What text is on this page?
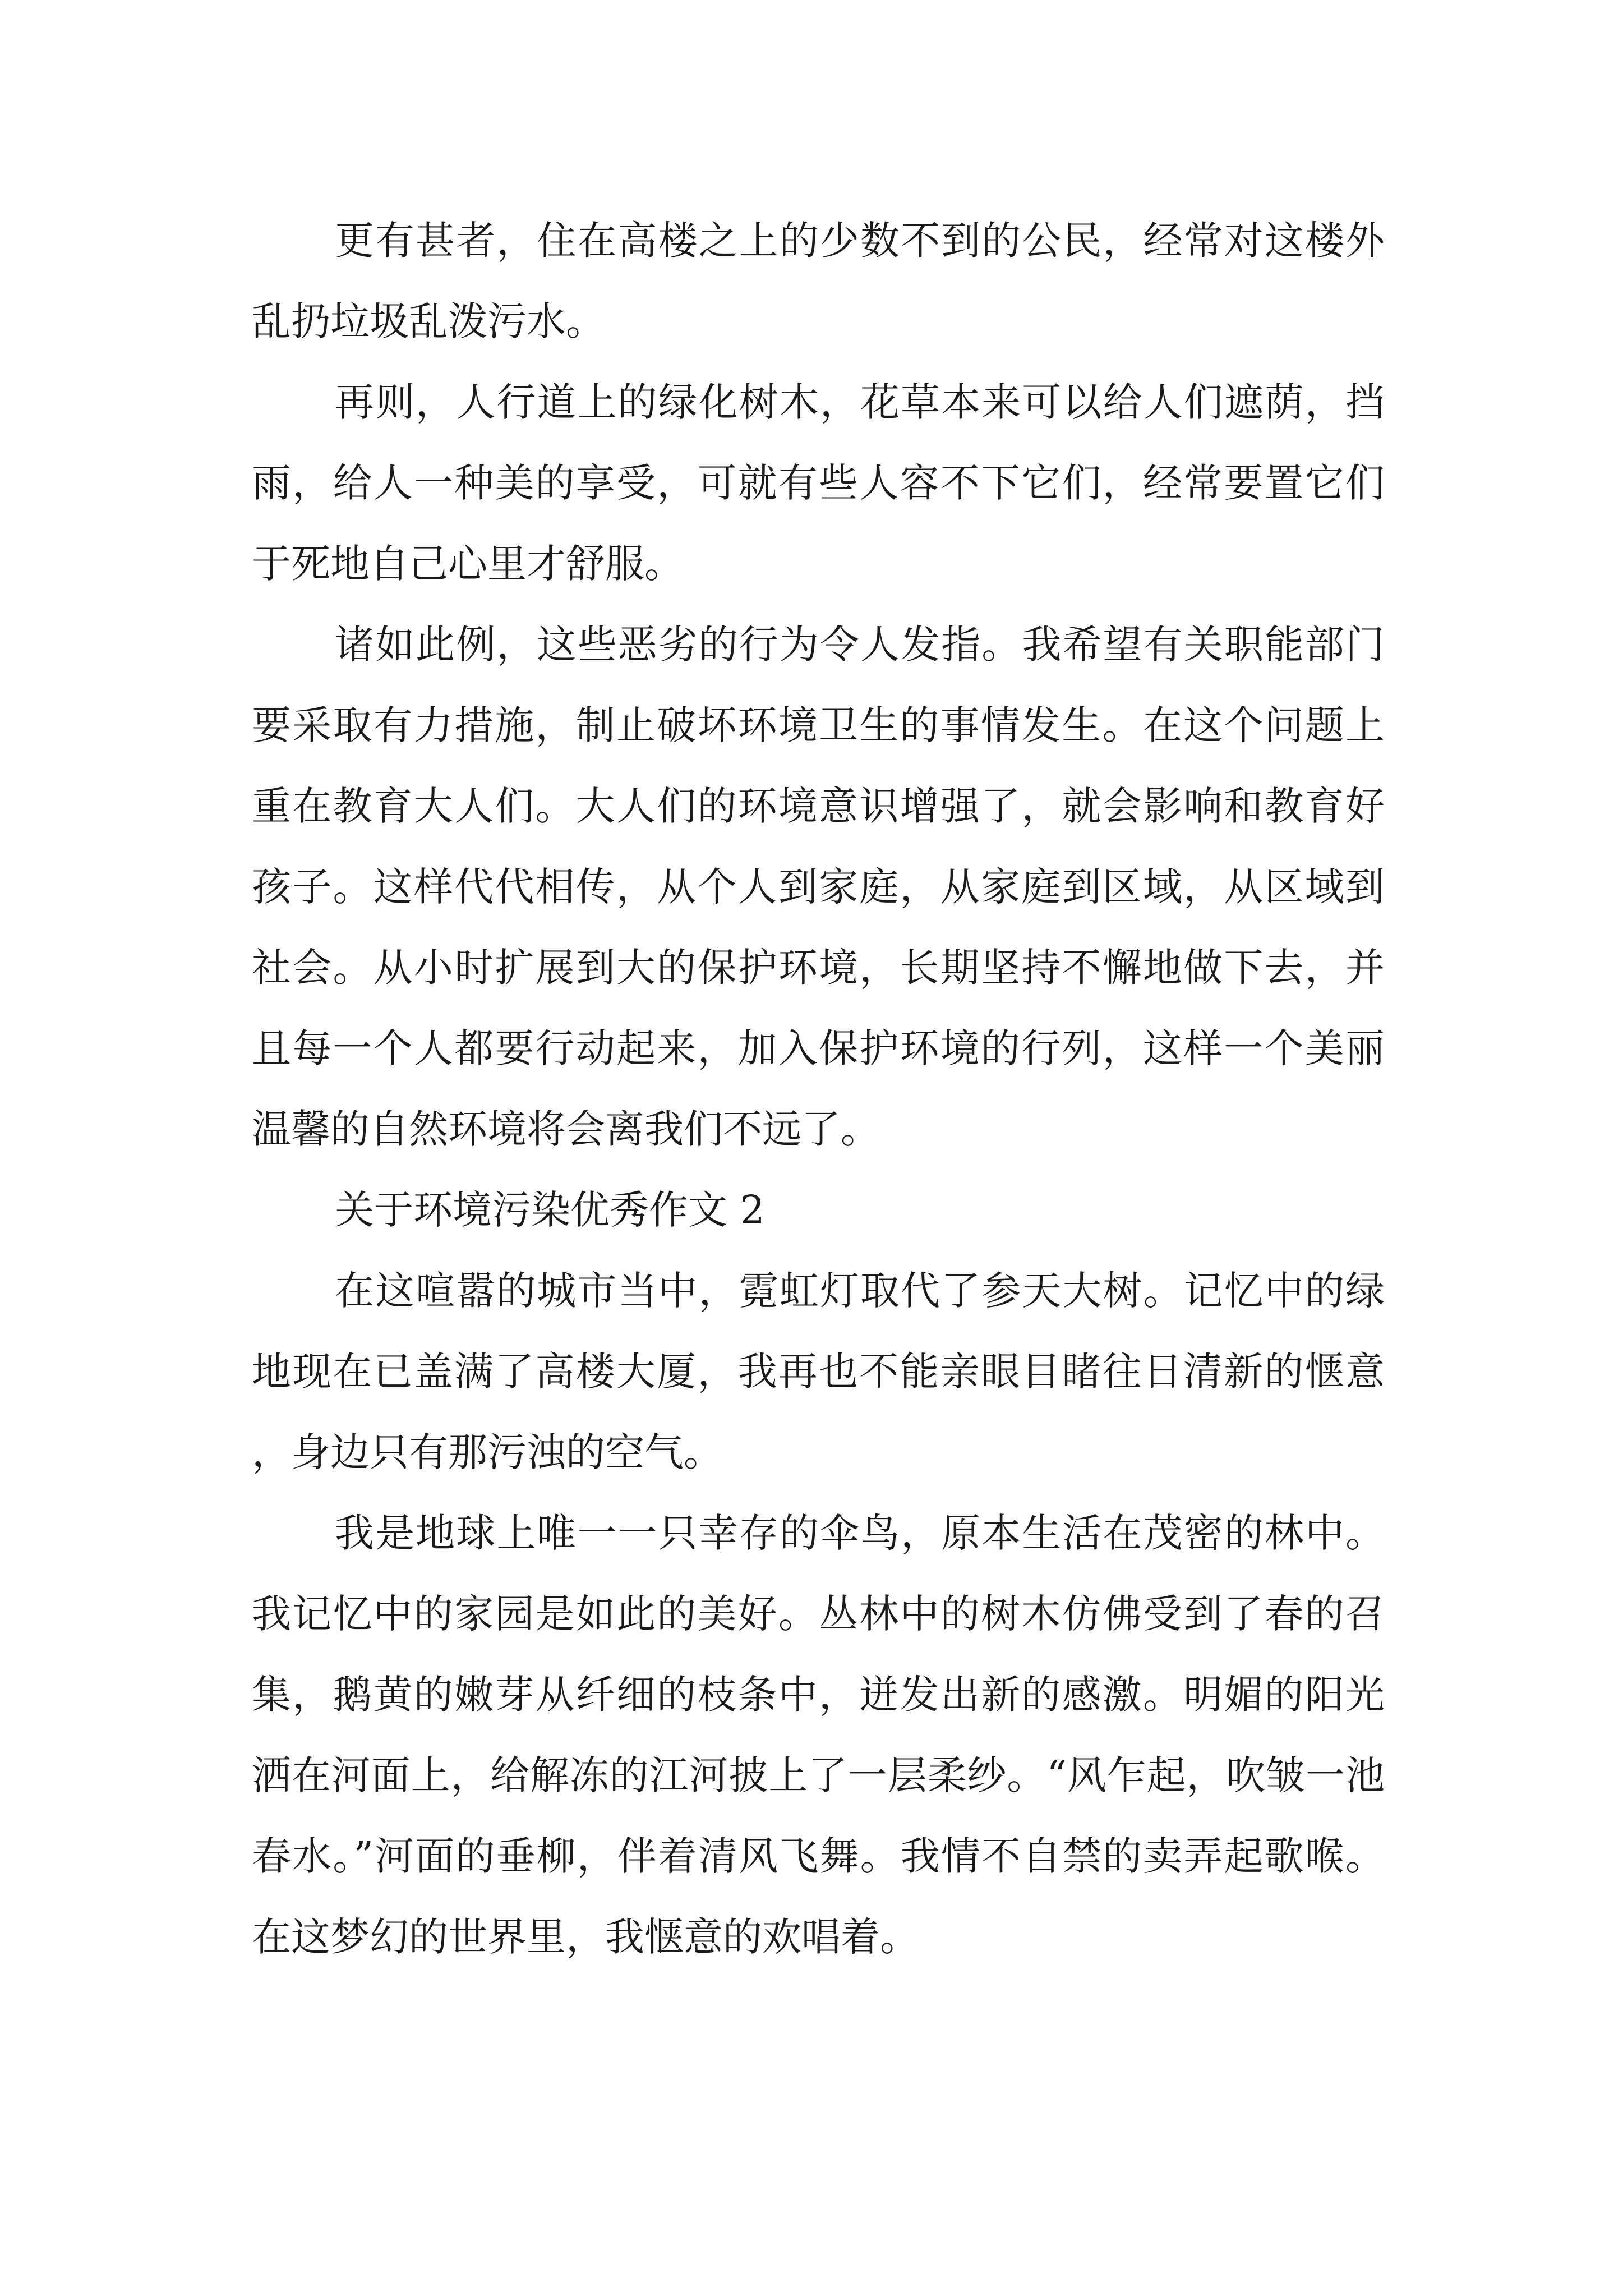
更有甚者，住在高楼之上的少数不到的公民，经常对这楼外乱扔垃圾乱泼污水。

再则，人行道上的绿化树木，花草本来可以给人们遮荫，挡雨，给人一种美的享受，可就有些人容不下它们，经常要置它们于死地自己心里才舒服。

诸如此例，这些恶劣的行为令人发指。我希望有关职能部门要采取有力措施，制止破坏环境卫生的事情发生。在这个问题上重在教育大人们。大人们的环境意识增强了，就会影响和教育好孩子。这样代代相传，从个人到家庭，从家庭到区域，从区域到社会。从小时扩展到大的保护环境，长期坚持不懈地做下去，并且每一个人都要行动起来，加入保护环境的行列，这样一个美丽温馨的自然环境将会离我们不远了。

关于环境污染优秀作文 2

在这喧嚣的城市当中，霓虹灯取代了参天大树。记忆中的绿地现在已盖满了高楼大厦，我再也不能亲眼目睹往日清新的惬意，身边只有那污浊的空气。

我是地球上唯一一只幸存的伞鸟，原本生活在茂密的林中。我记忆中的家园是如此的美好。丛林中的树木仿佛受到了春的召集，鹅黄的嫩芽从纤细的枝条中，迸发出新的感激。明媚的阳光洒在河面上，给解冻的江河披上了一层柔纱。“风乍起，吹皱一池春水。”河面的垂柳，伴着清风飞舞。我情不自禁的卖弄起歌喉。在这梦幻的世界里，我惬意的欢唱着。
